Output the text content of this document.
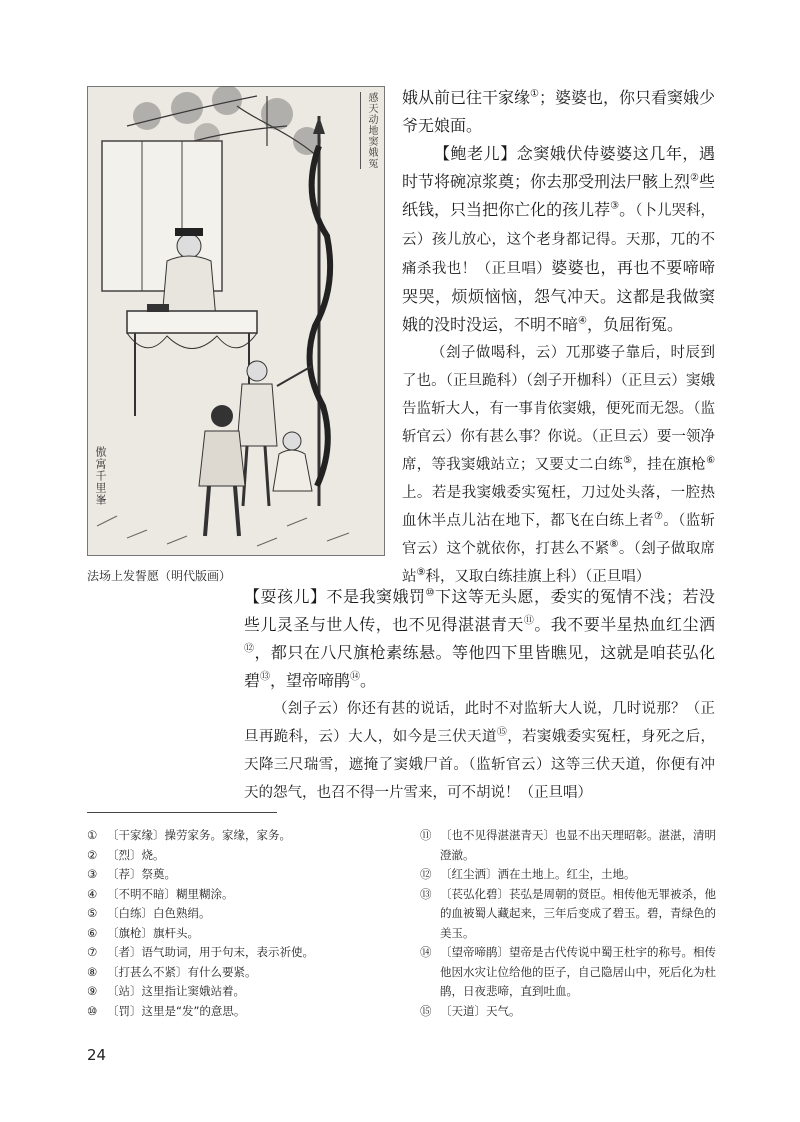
感天动地窦娥冤
傲寓千里峯
法场上发誓愿（明代版画）

娥从前已往干家缘①；婆婆也，你只看窦娥少爷无娘面。

【鲍老儿】念窦娥伏侍婆婆这几年，遇时节将碗凉浆奠；你去那受刑法尸骸上烈②些纸钱，只当把你亡化的孩儿荐③。（卜儿哭科，云）孩儿放心，这个老身都记得。天那，兀的不痛杀我也！（正旦唱）婆婆也，再也不要啼啼哭哭，烦烦恼恼，怨气冲天。这都是我做窦娥的没时没运，不明不暗④，负屈衔冤。

（刽子做喝科，云）兀那婆子靠后，时辰到了也。（正旦跪科）（刽子开枷科）（正旦云）窦娥告监斩大人，有一事肯依窦娥，便死而无怨。（监斩官云）你有甚么事？你说。（正旦云）要一领净席，等我窦娥站立；又要丈二白练⑤，挂在旗枪⑥上。若是我窦娥委实冤枉，刀过处头落，一腔热血休半点儿沾在地下，都飞在白练上者⑦。（监斩官云）这个就依你，打甚么不紧⑧。（刽子做取席站⑨科，又取白练挂旗上科）（正旦唱）

【耍孩儿】不是我窦娥罚⑩下这等无头愿，委实的冤情不浅；若没些儿灵圣与世人传，也不见得湛湛青天⑪。我不要半星热血红尘洒⑫，都只在八尺旗枪素练悬。等他四下里皆瞧见，这就是咱苌弘化碧⑬，望帝啼鹃⑭。

（刽子云）你还有甚的说话，此时不对监斩大人说，几时说那？（正旦再跪科，云）大人，如今是三伏天道⑮，若窦娥委实冤枉，身死之后，天降三尺瑞雪，遮掩了窦娥尸首。（监斩官云）这等三伏天道，你便有冲天的怨气，也召不得一片雪来，可不胡说！（正旦唱）

① 〔干家缘〕操劳家务。家缘，家务。
② 〔烈〕烧。
③ 〔荐〕祭奠。
④ 〔不明不暗〕糊里糊涂。
⑤ 〔白练〕白色熟绢。
⑥ 〔旗枪〕旗杆头。
⑦ 〔者〕语气助词，用于句末，表示祈使。
⑧ 〔打甚么不紧〕有什么要紧。
⑨ 〔站〕这里指让窦娥站着。
⑩ 〔罚〕这里是“发”的意思。
⑪ 〔也不见得湛湛青天〕也显不出天理昭彰。湛湛，清明澄澈。
⑫ 〔红尘洒〕洒在土地上。红尘，土地。
⑬ 〔苌弘化碧〕苌弘是周朝的贤臣。相传他无罪被杀，他的血被蜀人藏起来，三年后变成了碧玉。碧，青绿色的美玉。
⑭ 〔望帝啼鹃〕望帝是古代传说中蜀王杜宇的称号。相传他因水灾让位给他的臣子，自己隐居山中，死后化为杜鹃，日夜悲啼，直到吐血。
⑮ 〔天道〕天气。
24
